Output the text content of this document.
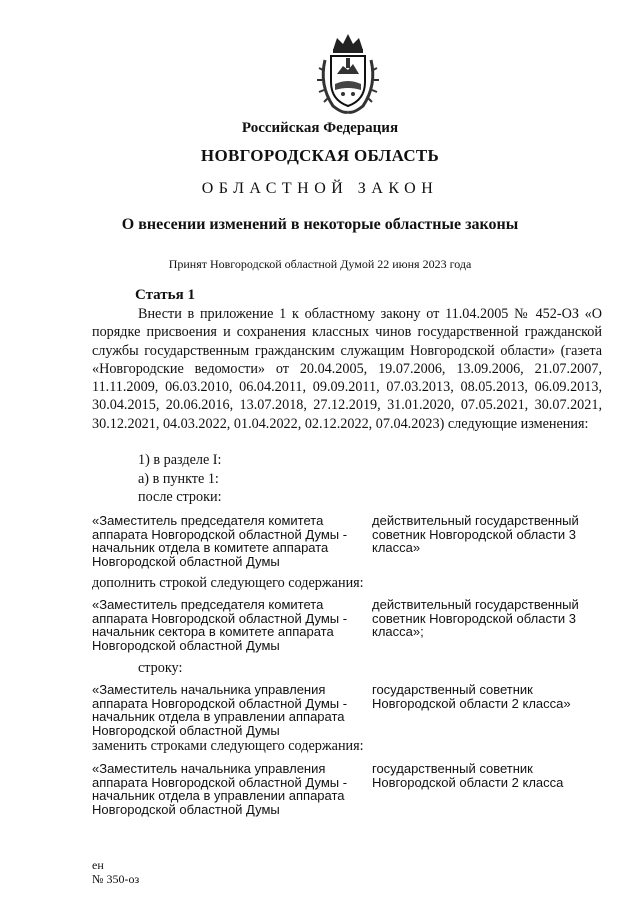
Российская Федерация
НОВГОРОДСКАЯ ОБЛАСТЬ
ОБЛАСТНОЙ ЗАКОН
О внесении изменений в некоторые областные законы
Принят Новгородской областной Думой 22 июня 2023 года
Статья 1

Внести в приложение 1 к областному закону от 11.04.2005 № 452-ОЗ «О порядке присвоения и сохранения классных чинов государственной гражданской службы государственным гражданским служащим Новгородской области» (газета «Новгородские ведомости» от 20.04.2005, 19.07.2006, 13.09.2006, 21.07.2007, 11.11.2009, 06.03.2010, 06.04.2011, 09.09.2011, 07.03.2013, 08.05.2013, 06.09.2013, 30.04.2015, 20.06.2016, 13.07.2018, 27.12.2019, 31.01.2020, 07.05.2021, 30.07.2021, 30.12.2021, 04.03.2022, 01.04.2022, 02.12.2022, 07.04.2023) следующие изменения:

1) в разделе I:
а) в пункте 1:
после строки:
«Заместитель председателя комитета аппарата Новгородской областной Думы - начальник отдела в комитете аппарата Новгородской областной Думы
действительный государственный советник Новгородской области 3 класса»
дополнить строкой следующего содержания:
«Заместитель председателя комитета аппарата Новгородской областной Думы - начальник сектора в комитете аппарата Новгородской областной Думы
действительный государственный советник Новгородской области 3 класса»;
строку:
«Заместитель начальника управления аппарата Новгородской областной Думы - начальник отдела в управлении аппарата Новгородской областной Думы
государственный советник Новгородской области 2 класса»
заменить строками следующего содержания:
«Заместитель начальника управления аппарата Новгородской областной Думы - начальник отдела в управлении аппарата Новгородской областной Думы
государственный советник Новгородской области 2 класса
ен
№ 350-оз
